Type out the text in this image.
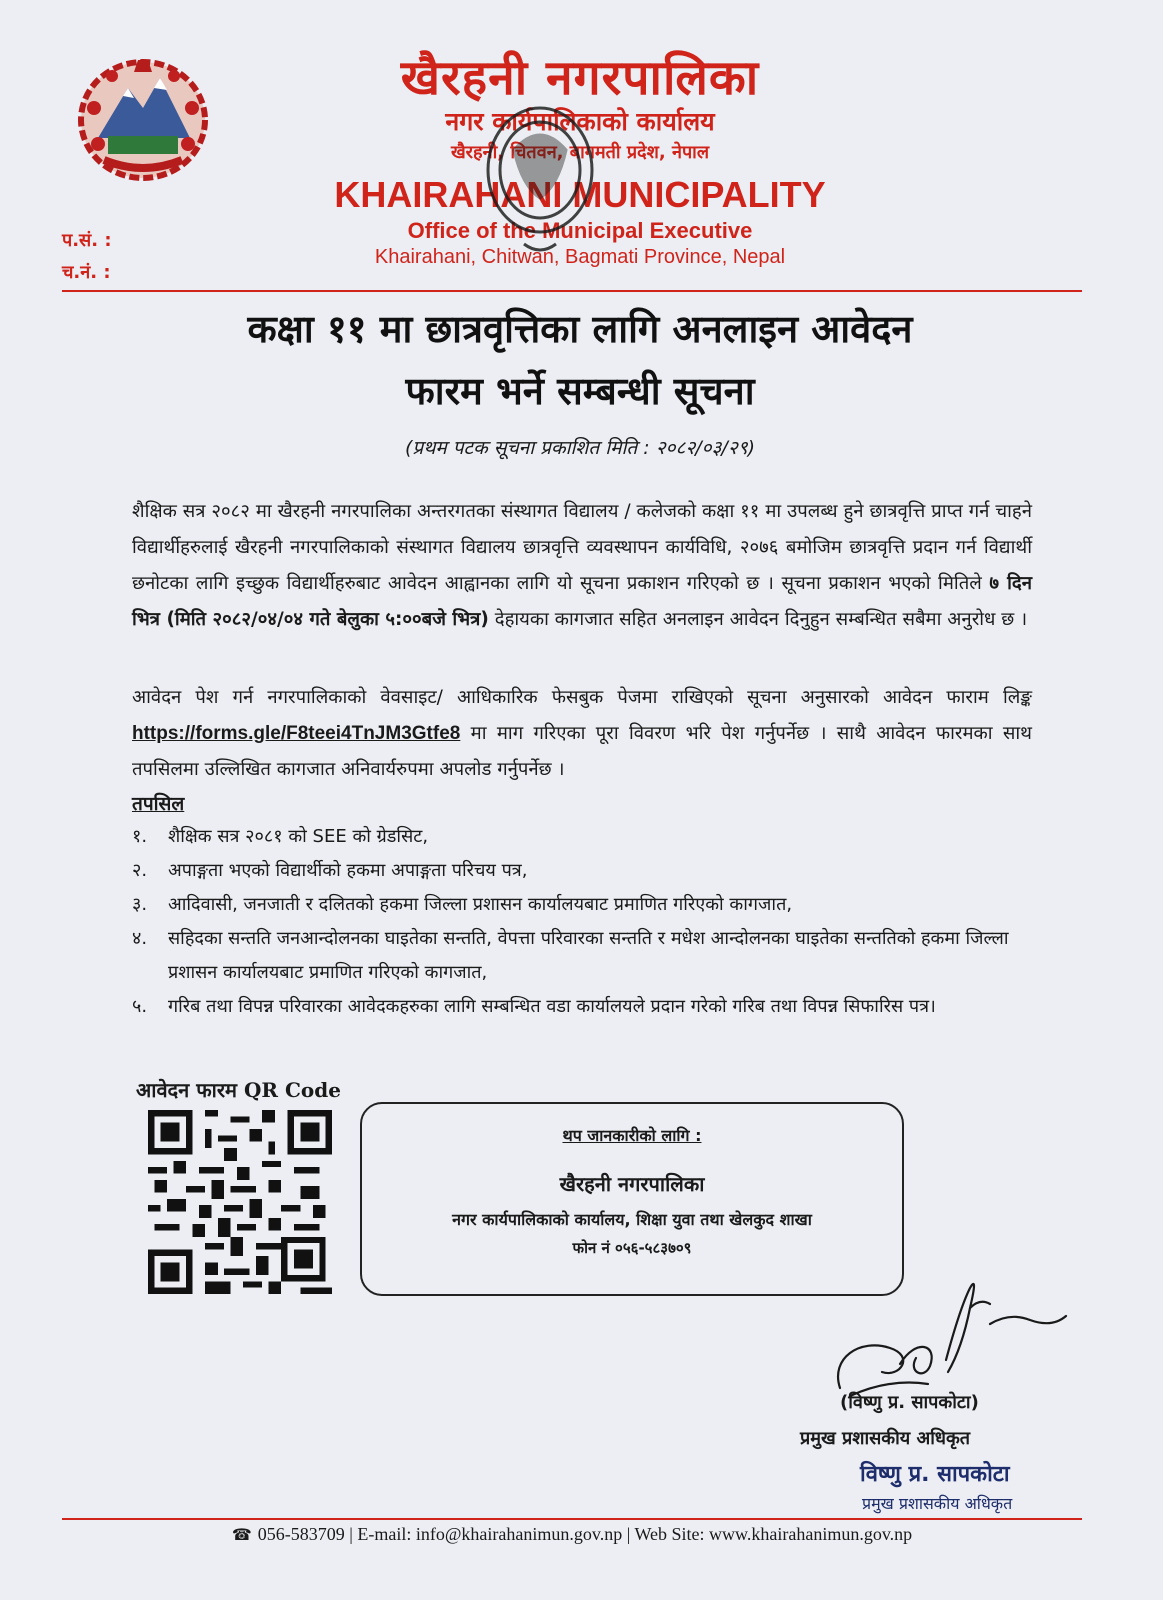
खैरहनी नगरपालिका
नगर कार्यपालिकाको कार्यालय
खैरहनी, चितवन, बागमती प्रदेश, नेपाल
KHAIRAHANI MUNICIPALITY
Office of the Municipal Executive
Khairahani, Chitwan, Bagmati Province, Nepal
प.सं. :
च.नं. :
कक्षा ११ मा छात्रवृत्तिका लागि अनलाइन आवेदन
फारम भर्ने सम्बन्धी सूचना
(प्रथम पटक सूचना प्रकाशित मिति : २०८२/०३/२९)
शैक्षिक सत्र २०८२ मा खैरहनी नगरपालिका अन्तरगतका संस्थागत विद्यालय / कलेजको कक्षा ११ मा उपलब्ध हुने छात्रवृत्ति प्राप्त गर्न चाहने विद्यार्थीहरुलाई खैरहनी नगरपालिकाको संस्थागत विद्यालय छात्रवृत्ति व्यवस्थापन कार्यविधि, २०७६ बमोजिम छात्रवृत्ति प्रदान गर्न विद्यार्थी छनोटका लागि इच्छुक विद्यार्थीहरुबाट आवेदन आह्वानका लागि यो सूचना प्रकाशन गरिएको छ । सूचना प्रकाशन भएको मितिले ७ दिन भित्र (मिति २०८२/०४/०४ गते बेलुका ५:००बजे भित्र) देहायका कागजात सहित अनलाइन आवेदन दिनुहुन सम्बन्धित सबैमा अनुरोध छ ।
आवेदन पेश गर्न नगरपालिकाको वेवसाइट/ आधिकारिक फेसबुक पेजमा राखिएको सूचना अनुसारको आवेदन फाराम लिङ्क https://forms.gle/F8teei4TnJM3Gtfe8 मा माग गरिएका पूरा विवरण भरि पेश गर्नुपर्नेछ । साथै आवेदन फारमका साथ तपसिलमा उल्लिखित कागजात अनिवार्यरुपमा अपलोड गर्नुपर्नेछ ।
तपसिल
१. शैक्षिक सत्र २०८१ को SEE को ग्रेडसिट,
२. अपाङ्गता भएको विद्यार्थीको हकमा अपाङ्गता परिचय पत्र,
३. आदिवासी, जनजाती र दलितको हकमा जिल्ला प्रशासन कार्यालयबाट प्रमाणित गरिएको कागजात,
४. सहिदका सन्तति जनआन्दोलनका घाइतेका सन्तति, वेपत्ता परिवारका सन्तति र मधेश आन्दोलनका घाइतेका सन्ततिको हकमा जिल्ला प्रशासन कार्यालयबाट प्रमाणित गरिएको कागजात,
५. गरिब तथा विपन्न परिवारका आवेदकहरुका लागि सम्बन्धित वडा कार्यालयले प्रदान गरेको गरिब तथा विपन्न सिफारिस पत्र।
आवेदन फारम QR Code
थप जानकारीको लागि :
खैरहनी नगरपालिका
नगर कार्यपालिकाको कार्यालय, शिक्षा युवा तथा खेलकुद शाखा
फोन नं ०५६-५८३७०९
(विष्णु प्र. सापकोटा)
प्रमुख प्रशासकीय अधिकृत
विष्णु प्र. सापकोटा
प्रमुख प्रशासकीय अधिकृत
☎ 056-583709 | E-mail: info@khairahanimun.gov.np | Web Site: www.khairahanimun.gov.np
